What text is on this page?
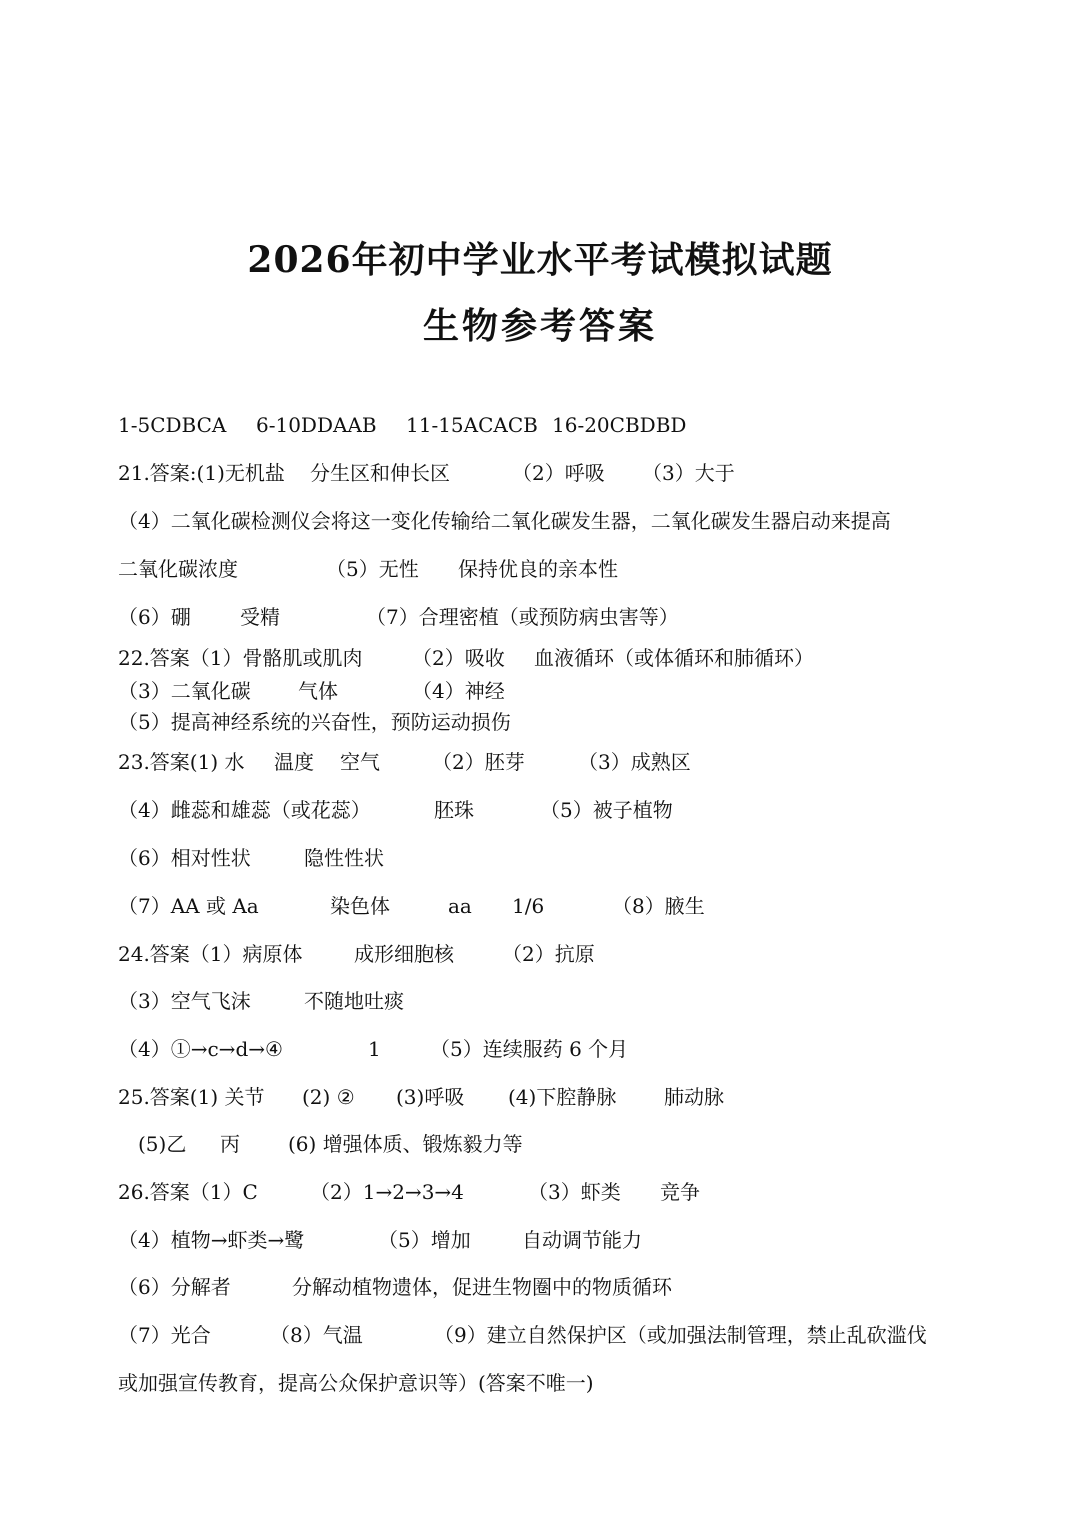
2026年初中学业水平考试模拟试题
生物参考答案
1-5CDBCA 6-10DDAAB 11-15ACACB 16-20CBDBD
21.答案:(1)无机盐 分生区和伸长区	（2）呼吸 （3）大于
（4）二氧化碳检测仪会将这一变化传输给二氧化碳发生器，二氧化碳发生器启动来提高
二氧化碳浓度	（5）无性 保持优良的亲本性
（6）硼 受精	（7）合理密植（或预防病虫害等）
22.答案（1）骨骼肌或肌肉 （2）吸收 血液循环（或体循环和肺循环）
（3）二氧化碳 气体	（4）神经
（5）提高神经系统的兴奋性，预防运动损伤
23.答案(1) 水 温度 空气	（2）胚芽	（3）成熟区
（4）雌蕊和雄蕊（或花蕊）	胚珠	（5）被子植物
（6）相对性状	隐性性状
（7）AA 或 Aa	染色体	aa 1/6	（8）腋生
24.答案（1）病原体	成形细胞核 （2）抗原
（3）空气飞沫	不随地吐痰
（4）①→c→d→④	1 （5）连续服药 6 个月
25.答案(1) 关节 (2) ② (3)呼吸 (4)下腔静脉 肺动脉
(5)乙 丙 (6) 增强体质、锻炼毅力等
26.答案（1）C	（2）1→2→3→4	（3）虾类 竞争
（4）植物→虾类→鹭	（5）增加	自动调节能力
（6）分解者	分解动植物遗体，促进生物圈中的物质循环
（7）光合	（8）气温	（9）建立自然保护区（或加强法制管理，禁止乱砍滥伐
或加强宣传教育，提高公众保护意识等）(答案不唯一)
